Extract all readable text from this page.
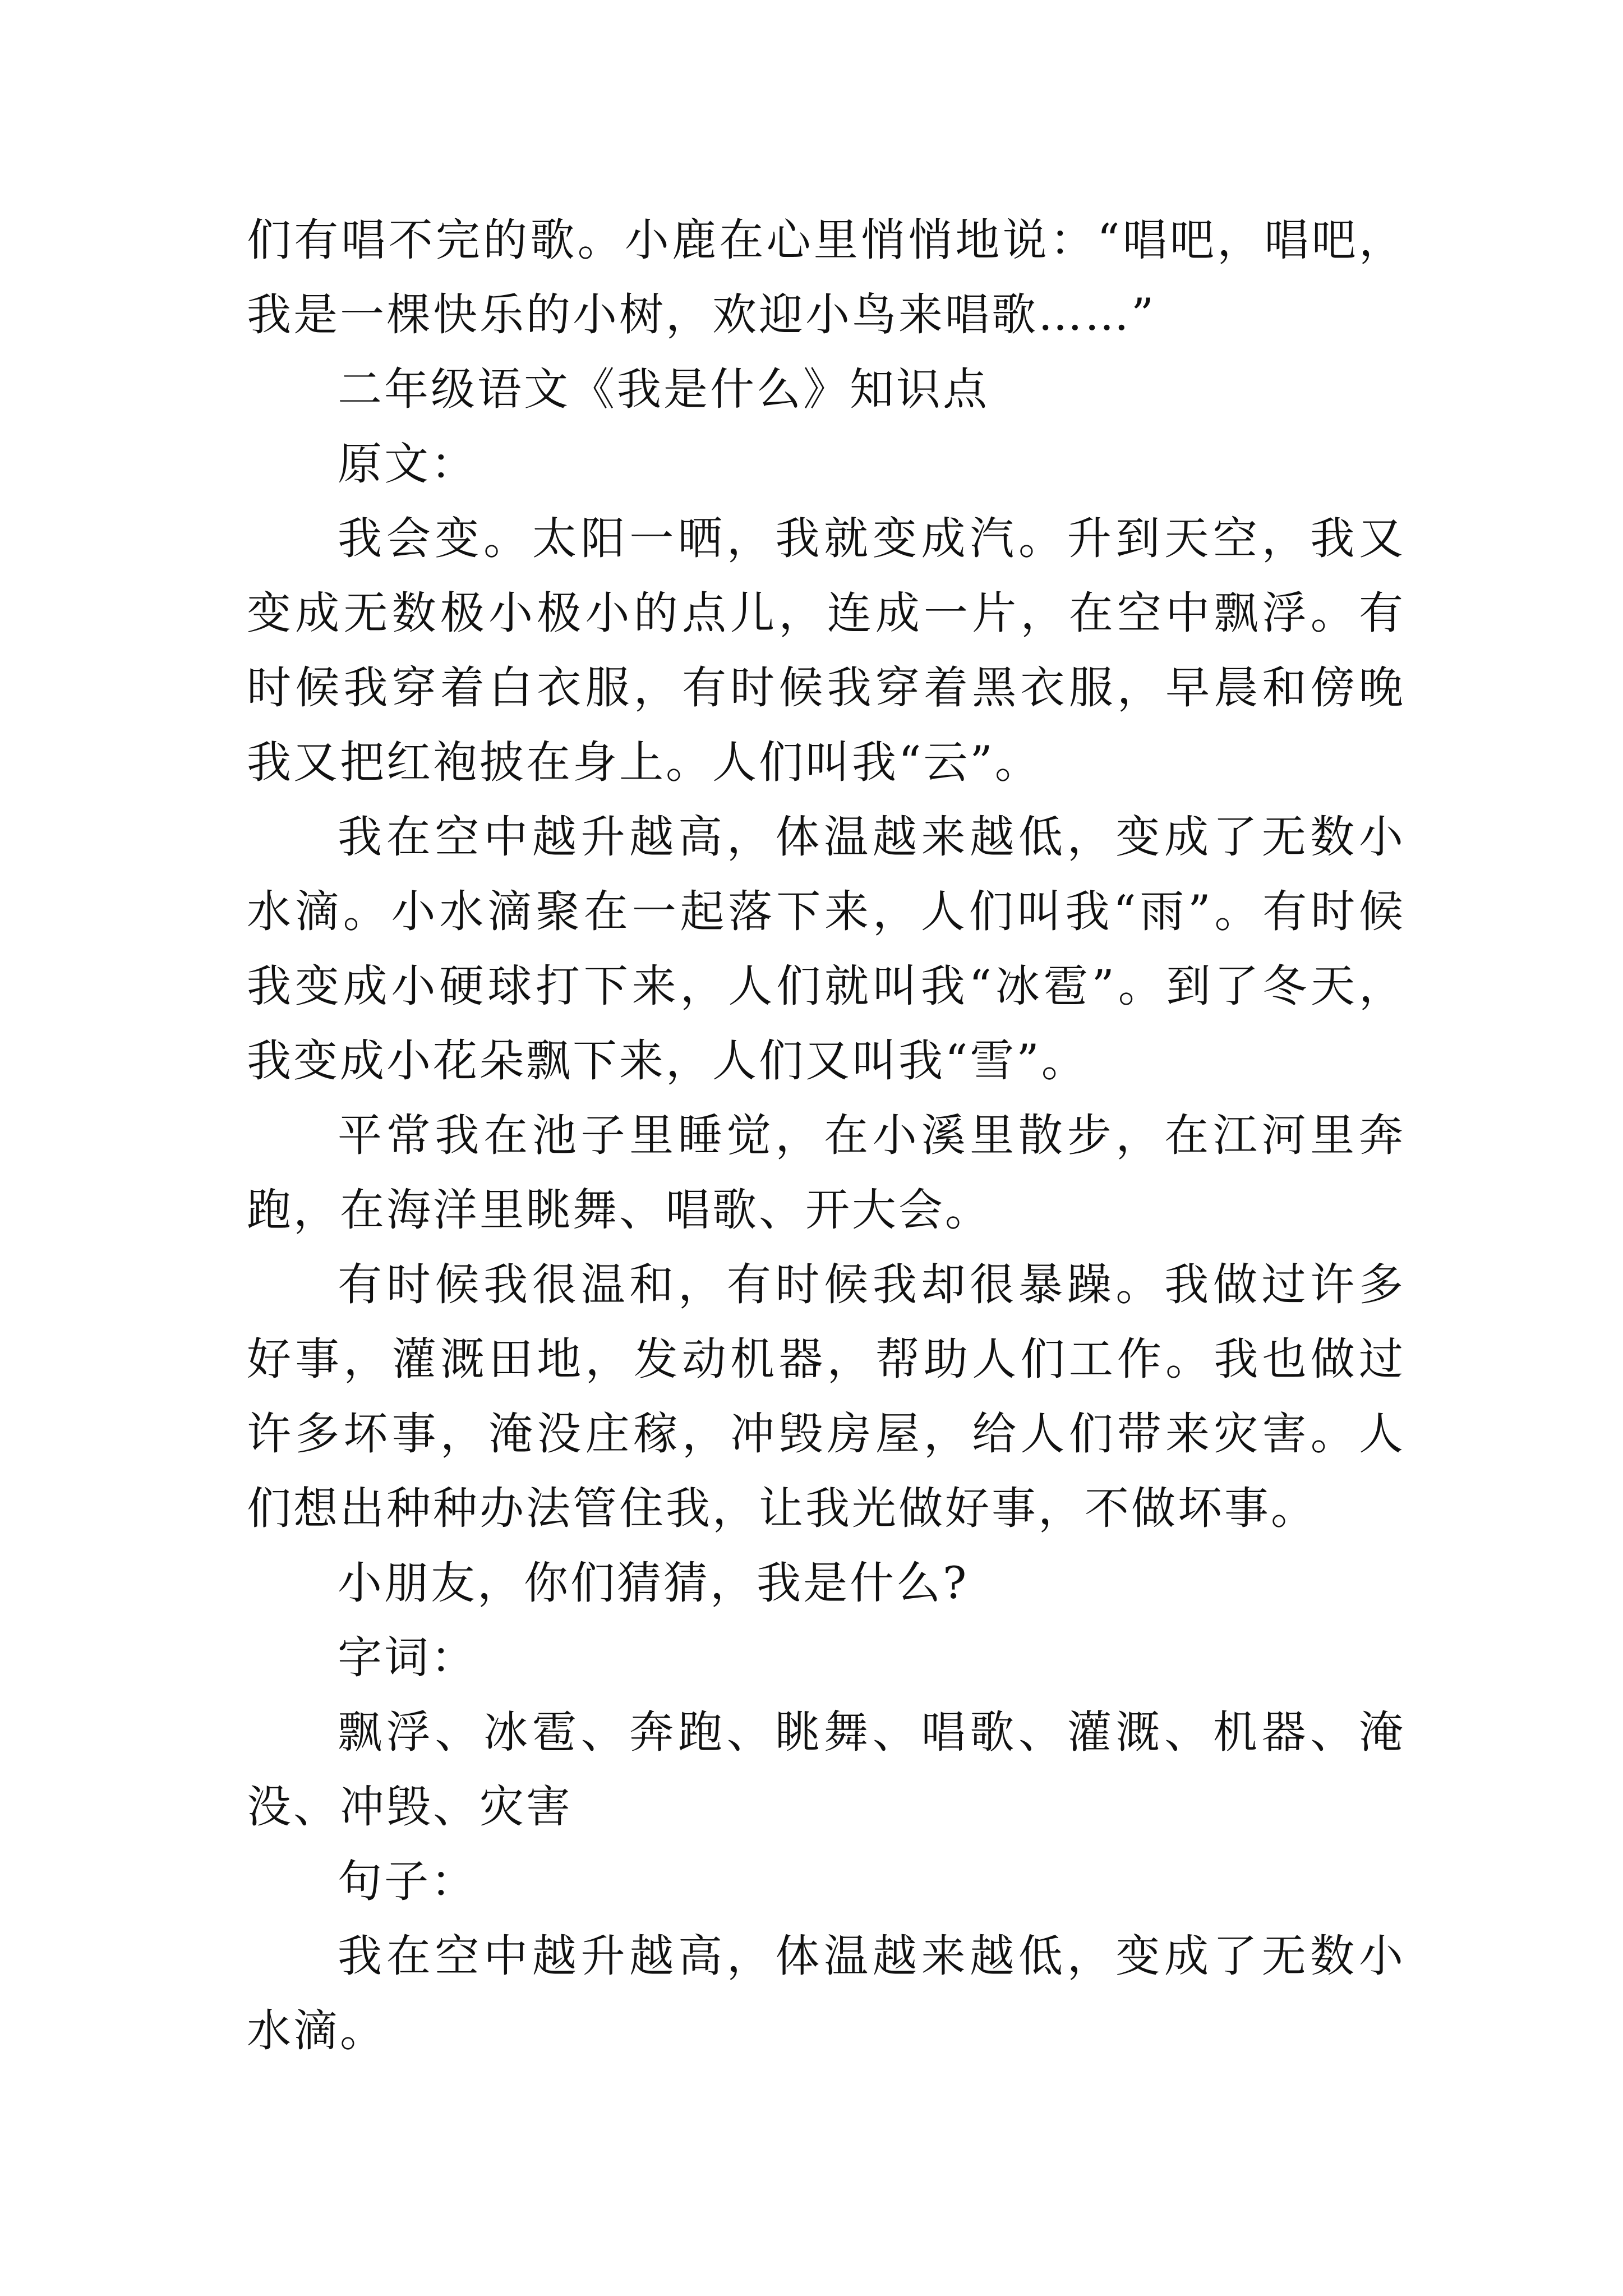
们有唱不完的歌。小鹿在心里悄悄地说：“唱吧，唱吧，我是一棵快乐的小树，欢迎小鸟来唱歌……”

二年级语文《我是什么》知识点

原文：

我会变。太阳一晒，我就变成汽。升到天空，我又变成无数极小极小的点儿，连成一片，在空中飘浮。有时候我穿着白衣服，有时候我穿着黑衣服，早晨和傍晚我又把红袍披在身上。人们叫我“云”。

我在空中越升越高，体温越来越低，变成了无数小水滴。小水滴聚在一起落下来，人们叫我“雨”。有时候我变成小硬球打下来，人们就叫我“冰雹”。到了冬天，我变成小花朵飘下来，人们又叫我“雪”。

平常我在池子里睡觉，在小溪里散步，在江河里奔跑，在海洋里眺舞、唱歌、开大会。

有时候我很温和，有时候我却很暴躁。我做过许多好事，灌溉田地，发动机器，帮助人们工作。我也做过许多坏事，淹没庄稼，冲毁房屋，给人们带来灾害。人们想出种种办法管住我，让我光做好事，不做坏事。

小朋友，你们猜猜，我是什么?

字词：

飘浮、冰雹、奔跑、眺舞、唱歌、灌溉、机器、淹没、冲毁、灾害

句子：

我在空中越升越高，体温越来越低，变成了无数小水滴。
